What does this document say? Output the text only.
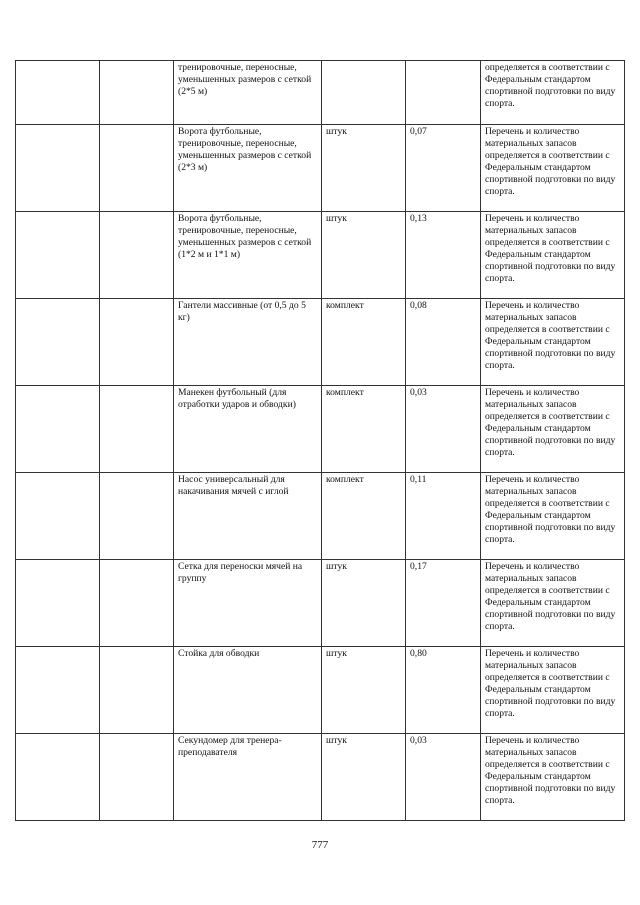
		тренировочные, переносные, уменьшенных размеров с сеткой (2*5 м)			определяется в соответствии с Федеральным стандартом спортивной подготовки по виду спорта.
		Ворота футбольные, тренировочные, переносные, уменьшенных размеров с сеткой (2*3 м)	штук	0,07	Перечень и количество материальных запасов определяется в соответствии с Федеральным стандартом спортивной подготовки по виду спорта.
		Ворота футбольные, тренировочные, переносные, уменьшенных размеров с сеткой (1*2 м и 1*1 м)	штук	0,13	Перечень и количество материальных запасов определяется в соответствии с Федеральным стандартом спортивной подготовки по виду спорта.
		Гантели массивные (от 0,5 до 5 кг)	комплект	0,08	Перечень и количество материальных запасов определяется в соответствии с Федеральным стандартом спортивной подготовки по виду спорта.
		Манекен футбольный (для отработки ударов и обводки)	комплект	0,03	Перечень и количество материальных запасов определяется в соответствии с Федеральным стандартом спортивной подготовки по виду спорта.
		Насос универсальный для накачивания мячей с иглой	комплект	0,11	Перечень и количество материальных запасов определяется в соответствии с Федеральным стандартом спортивной подготовки по виду спорта.
		Сетка для переноски мячей на группу	штук	0,17	Перечень и количество материальных запасов определяется в соответствии с Федеральным стандартом спортивной подготовки по виду спорта.
		Стойка для обводки	штук	0,80	Перечень и количество материальных запасов определяется в соответствии с Федеральным стандартом спортивной подготовки по виду спорта.
		Секундомер для тренера-преподавателя	штук	0,03	Перечень и количество материальных запасов определяется в соответствии с Федеральным стандартом спортивной подготовки по виду спорта.
777
